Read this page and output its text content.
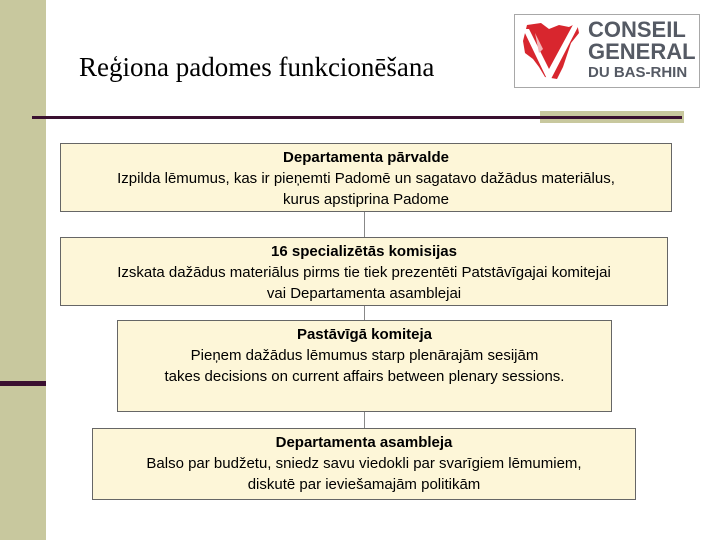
Reģiona padomes funkcionēšana
CONSEIL
GENERAL
DU BAS-RHIN
Departamenta pārvalde
Izpilda lēmumus, kas ir pieņemti Padomē un sagatavo dažādus materiālus,
kurus apstiprina Padome
16 specializētās komisijas
Izskata dažādus materiālus pirms tie tiek prezentēti Patstāvīgajai komitejai
vai Departamenta asamblejai
Pastāvīgā komiteja
Pieņem dažādus lēmumus starp plenārajām sesijām
takes decisions on current affairs between plenary sessions.
Departamenta asambleja
Balso par budžetu, sniedz savu viedokli par svarīgiem lēmumiem,
diskutē par ieviešamajām politikām
